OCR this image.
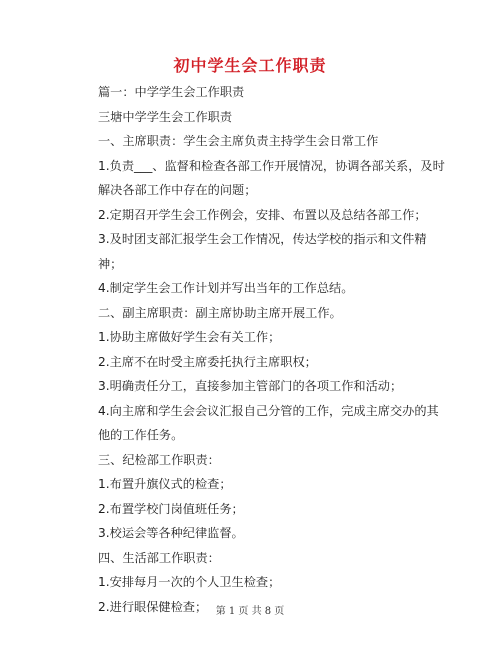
初中学生会工作职责
篇一：中学学生会工作职责
三塘中学学生会工作职责
一、主席职责：学生会主席负责主持学生会日常工作
1.负责___、监督和检查各部工作开展情况，协调各部关系，及时
解决各部工作中存在的问题；
2.定期召开学生会工作例会，安排、布置以及总结各部工作；
3.及时团支部汇报学生会工作情况，传达学校的指示和文件精
神；
4.制定学生会工作计划并写出当年的工作总结。
二、副主席职责：副主席协助主席开展工作。
1.协助主席做好学生会有关工作；
2.主席不在时受主席委托执行主席职权；
3.明确责任分工，直接参加主管部门的各项工作和活动；
4.向主席和学生会会议汇报自己分管的工作，完成主席交办的其
他的工作任务。
三、纪检部工作职责：
1.布置升旗仪式的检查；
2.布置学校门岗值班任务；
3.校运会等各种纪律监督。
四、生活部工作职责：
1.安排每月一次的个人卫生检查；
2.进行眼保健检查； 第 1 页 共 8 页
